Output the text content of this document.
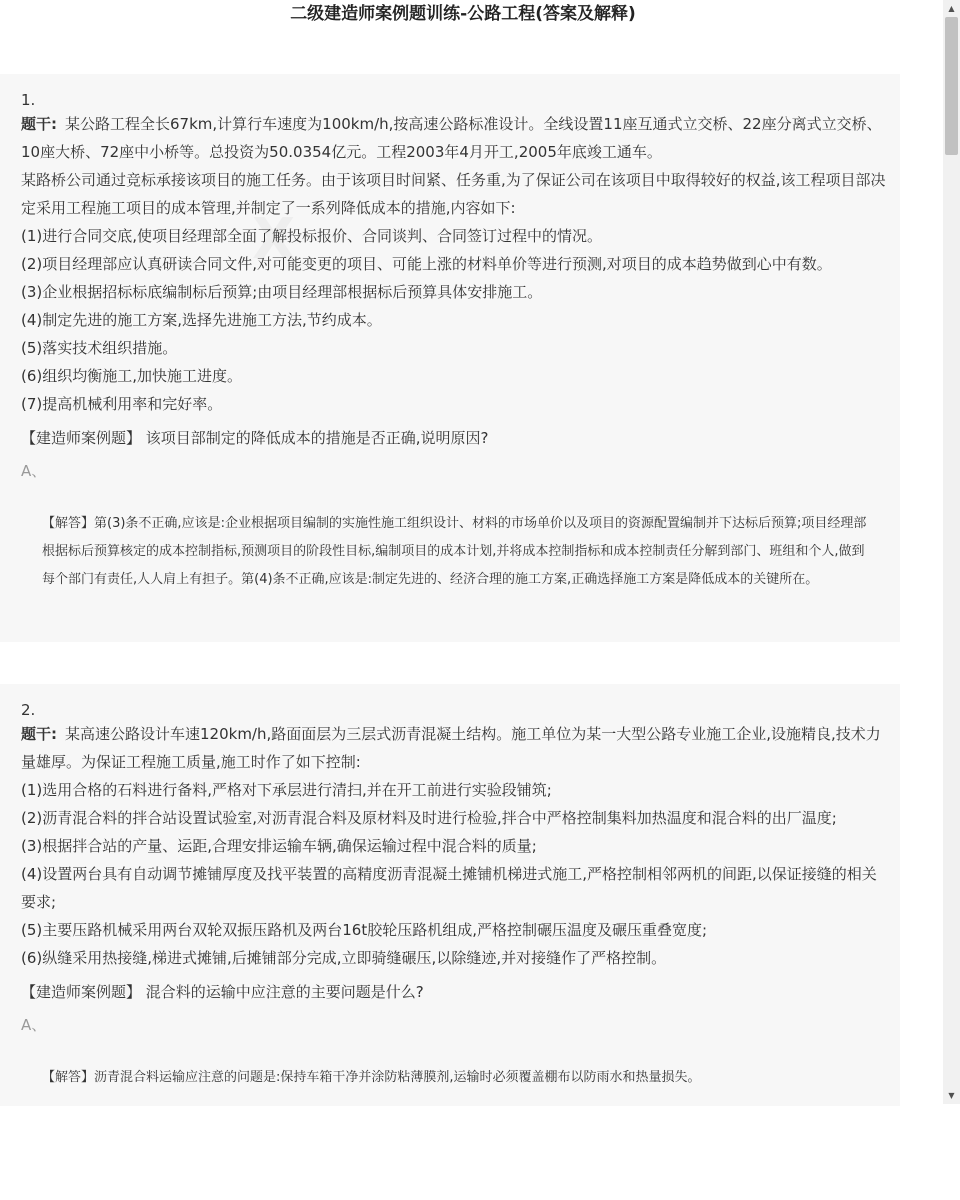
二级建造师案例题训练-公路工程(答案及解释)
1.
题干: 某公路工程全长67km,计算行车速度为100km/h,按高速公路标准设计。全线设置11座互通式立交桥、22座分离式立交桥、10座大桥、72座中小桥等。总投资为50.0354亿元。工程2003年4月开工,2005年底竣工通车。
某路桥公司通过竞标承接该项目的施工任务。由于该项目时间紧、任务重,为了保证公司在该项目中取得较好的权益,该工程项目部决定采用工程施工项目的成本管理,并制定了一系列降低成本的措施,内容如下:
(1)进行合同交底,使项目经理部全面了解投标报价、合同谈判、合同签订过程中的情况。
(2)项目经理部应认真研读合同文件,对可能变更的项目、可能上涨的材料单价等进行预测,对项目的成本趋势做到心中有数。
(3)企业根据招标标底编制标后预算;由项目经理部根据标后预算具体安排施工。
(4)制定先进的施工方案,选择先进施工方法,节约成本。
(5)落实技术组织措施。
(6)组织均衡施工,加快施工进度。
(7)提高机械利用率和完好率。
【建造师案例题】 该项目部制定的降低成本的措施是否正确,说明原因?
A、
【解答】第(3)条不正确,应该是:企业根据项目编制的实施性施工组织设计、材料的市场单价以及项目的资源配置编制并下达标后预算;项目经理部根据标后预算核定的成本控制指标,预测项目的阶段性目标,编制项目的成本计划,并将成本控制指标和成本控制责任分解到部门、班组和个人,做到每个部门有责任,人人肩上有担子。第(4)条不正确,应该是:制定先进的、经济合理的施工方案,正确选择施工方案是降低成本的关键所在。
2.
题干: 某高速公路设计车速120km/h,路面面层为三层式沥青混凝土结构。施工单位为某一大型公路专业施工企业,设施精良,技术力量雄厚。为保证工程施工质量,施工时作了如下控制:
(1)选用合格的石料进行备料,严格对下承层进行清扫,并在开工前进行实验段铺筑;
(2)沥青混合料的拌合站设置试验室,对沥青混合料及原材料及时进行检验,拌合中严格控制集料加热温度和混合料的出厂温度;
(3)根据拌合站的产量、运距,合理安排运输车辆,确保运输过程中混合料的质量;
(4)设置两台具有自动调节摊铺厚度及找平装置的高精度沥青混凝土摊铺机梯进式施工,严格控制相邻两机的间距,以保证接缝的相关要求;
(5)主要压路机械采用两台双轮双振压路机及两台16t胶轮压路机组成,严格控制碾压温度及碾压重叠宽度;
(6)纵缝采用热接缝,梯进式摊铺,后摊铺部分完成,立即骑缝碾压,以除缝迹,并对接缝作了严格控制。
【建造师案例题】 混合料的运输中应注意的主要问题是什么?
A、
【解答】沥青混合料运输应注意的问题是:保持车箱干净并涂防粘薄膜剂,运输时必须覆盖棚布以防雨水和热量损失。
▲
▼
